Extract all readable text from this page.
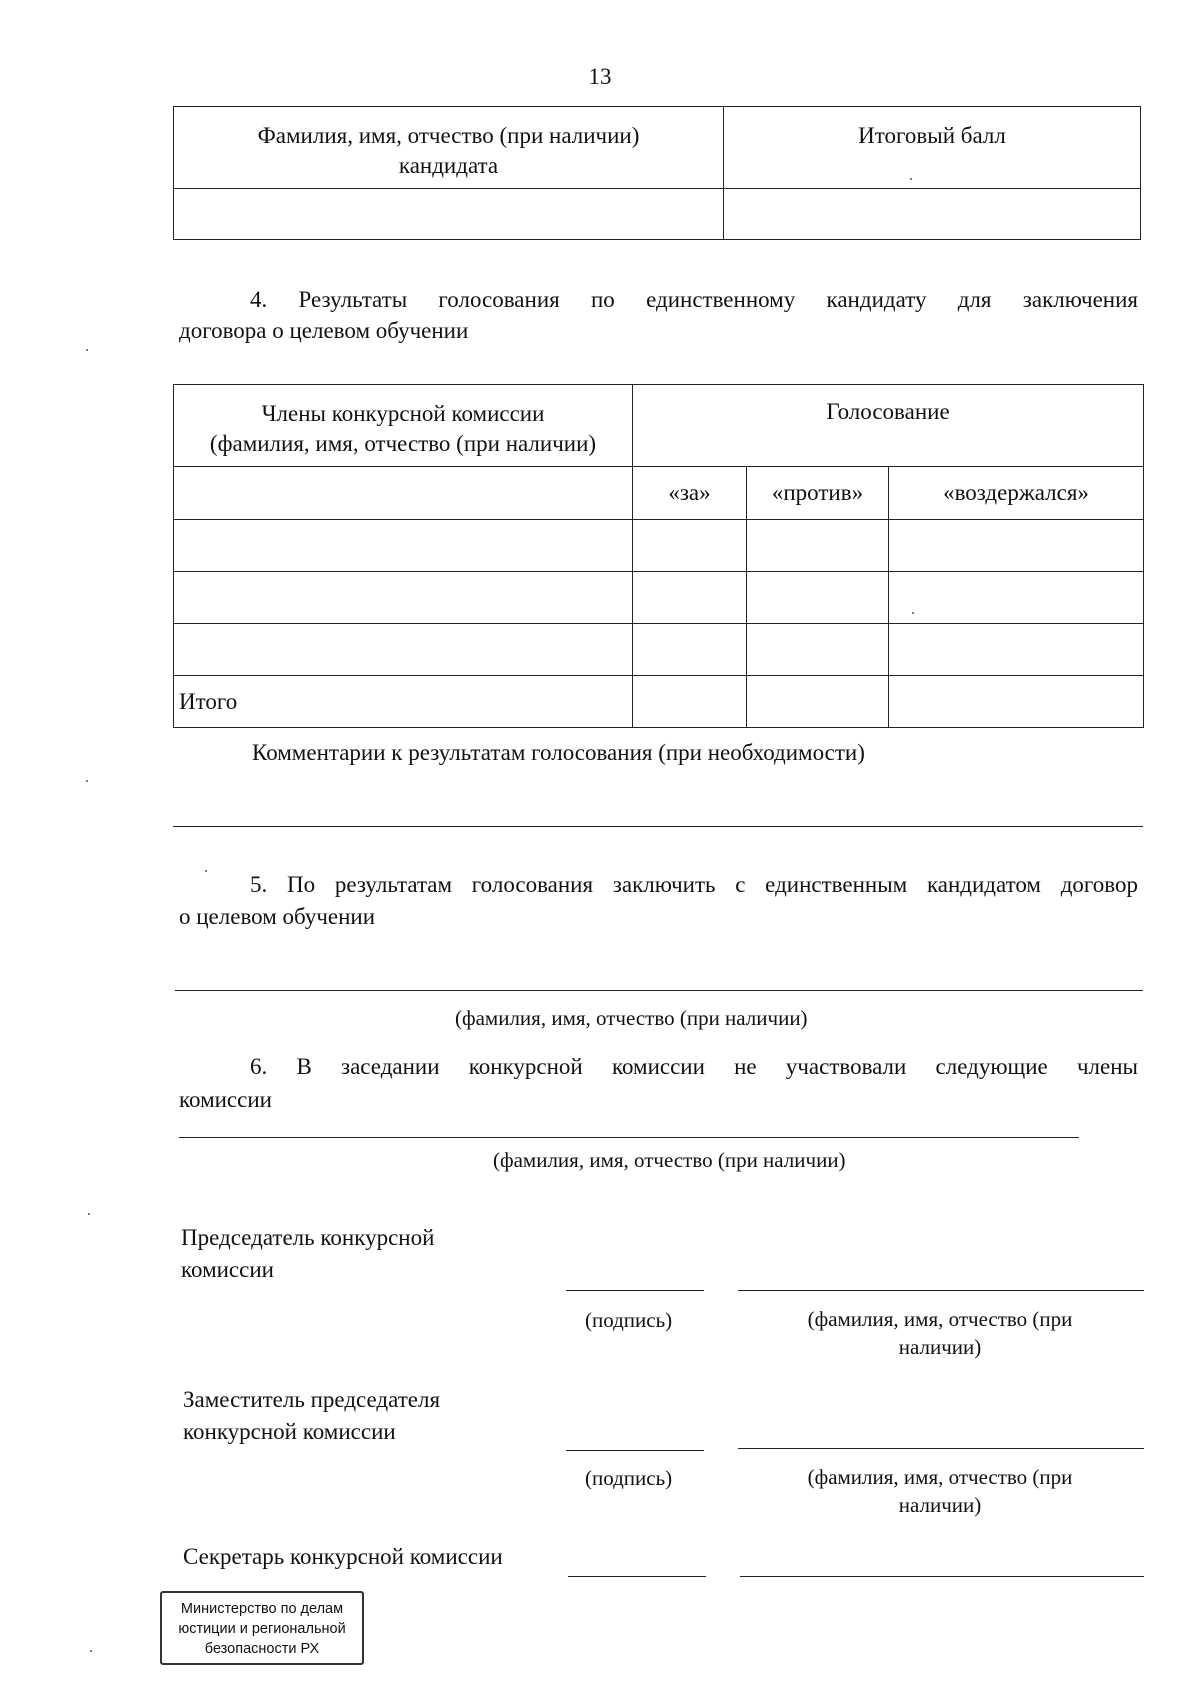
13
Фамилия, имя, отчество (при наличии) кандидата	Итоговый балл

4. Результаты голосования по единственному кандидату для заключения
договора о целевом обучении
Члены конкурсной комиссии
(фамилия, имя, отчество (при наличии)	Голосование		
	«за»	«против»	«воздержался»

Итого			
Комментарии к результатам голосования (при необходимости)
5. По результатам голосования заключить с единственным кандидатом договор
о целевом обучении
(фамилия, имя, отчество (при наличии)
6. В заседании конкурсной комиссии не участвовали следующие члены
комиссии
(фамилия, имя, отчество (при наличии)
Председатель конкурсной
комиссии
(подпись)	(фамилия, имя, отчество (при
наличии)
Заместитель председателя
конкурсной комиссии
(подпись)	(фамилия, имя, отчество (при
наличии)
Секретарь конкурсной комиссии
Министерство по делам
юстиции и региональной
безопасности РХ
